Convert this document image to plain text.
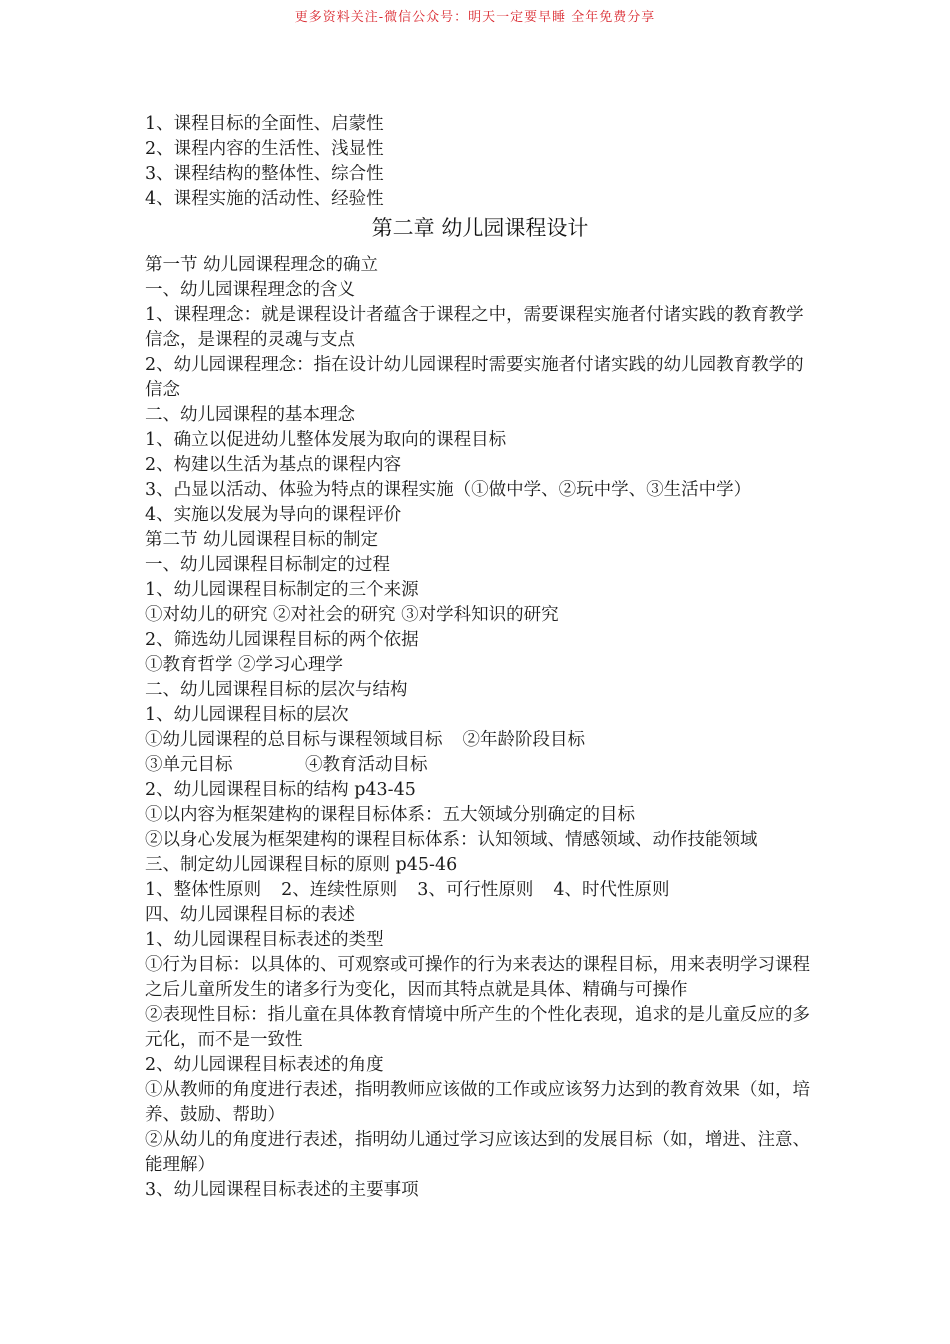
更多资料关注-微信公众号：明天一定要早睡 全年免费分享
1、课程目标的全面性、启蒙性
2、课程内容的生活性、浅显性
3、课程结构的整体性、综合性
4、课程实施的活动性、经验性
第二章 幼儿园课程设计
第一节 幼儿园课程理念的确立
一、幼儿园课程理念的含义
1、课程理念：就是课程设计者蕴含于课程之中，需要课程实施者付诸实践的教育教学信念，是课程的灵魂与支点
2、幼儿园课程理念：指在设计幼儿园课程时需要实施者付诸实践的幼儿园教育教学的信念
二、幼儿园课程的基本理念
1、确立以促进幼儿整体发展为取向的课程目标
2、构建以生活为基点的课程内容
3、凸显以活动、体验为特点的课程实施（①做中学、②玩中学、③生活中学）
4、实施以发展为导向的课程评价
第二节 幼儿园课程目标的制定
一、幼儿园课程目标制定的过程
1、幼儿园课程目标制定的三个来源
①对幼儿的研究 ②对社会的研究 ③对学科知识的研究
2、筛选幼儿园课程目标的两个依据
①教育哲学 ②学习心理学
二、幼儿园课程目标的层次与结构
1、幼儿园课程目标的层次
①幼儿园课程的总目标与课程领域目标 ②年龄阶段目标
③单元目标	④教育活动目标
2、幼儿园课程目标的结构 p43-45
①以内容为框架建构的课程目标体系：五大领域分别确定的目标
②以身心发展为框架建构的课程目标体系：认知领域、情感领域、动作技能领域
三、制定幼儿园课程目标的原则 p45-46
1、整体性原则 2、连续性原则 3、可行性原则 4、时代性原则
四、幼儿园课程目标的表述
1、幼儿园课程目标表述的类型
①行为目标：以具体的、可观察或可操作的行为来表达的课程目标，用来表明学习课程之后儿童所发生的诸多行为变化，因而其特点就是具体、精确与可操作
②表现性目标：指儿童在具体教育情境中所产生的个性化表现，追求的是儿童反应的多元化，而不是一致性
2、幼儿园课程目标表述的角度
①从教师的角度进行表述，指明教师应该做的工作或应该努力达到的教育效果（如，培养、鼓励、帮助）
②从幼儿的角度进行表述，指明幼儿通过学习应该达到的发展目标（如，增进、注意、能理解）
3、幼儿园课程目标表述的主要事项
